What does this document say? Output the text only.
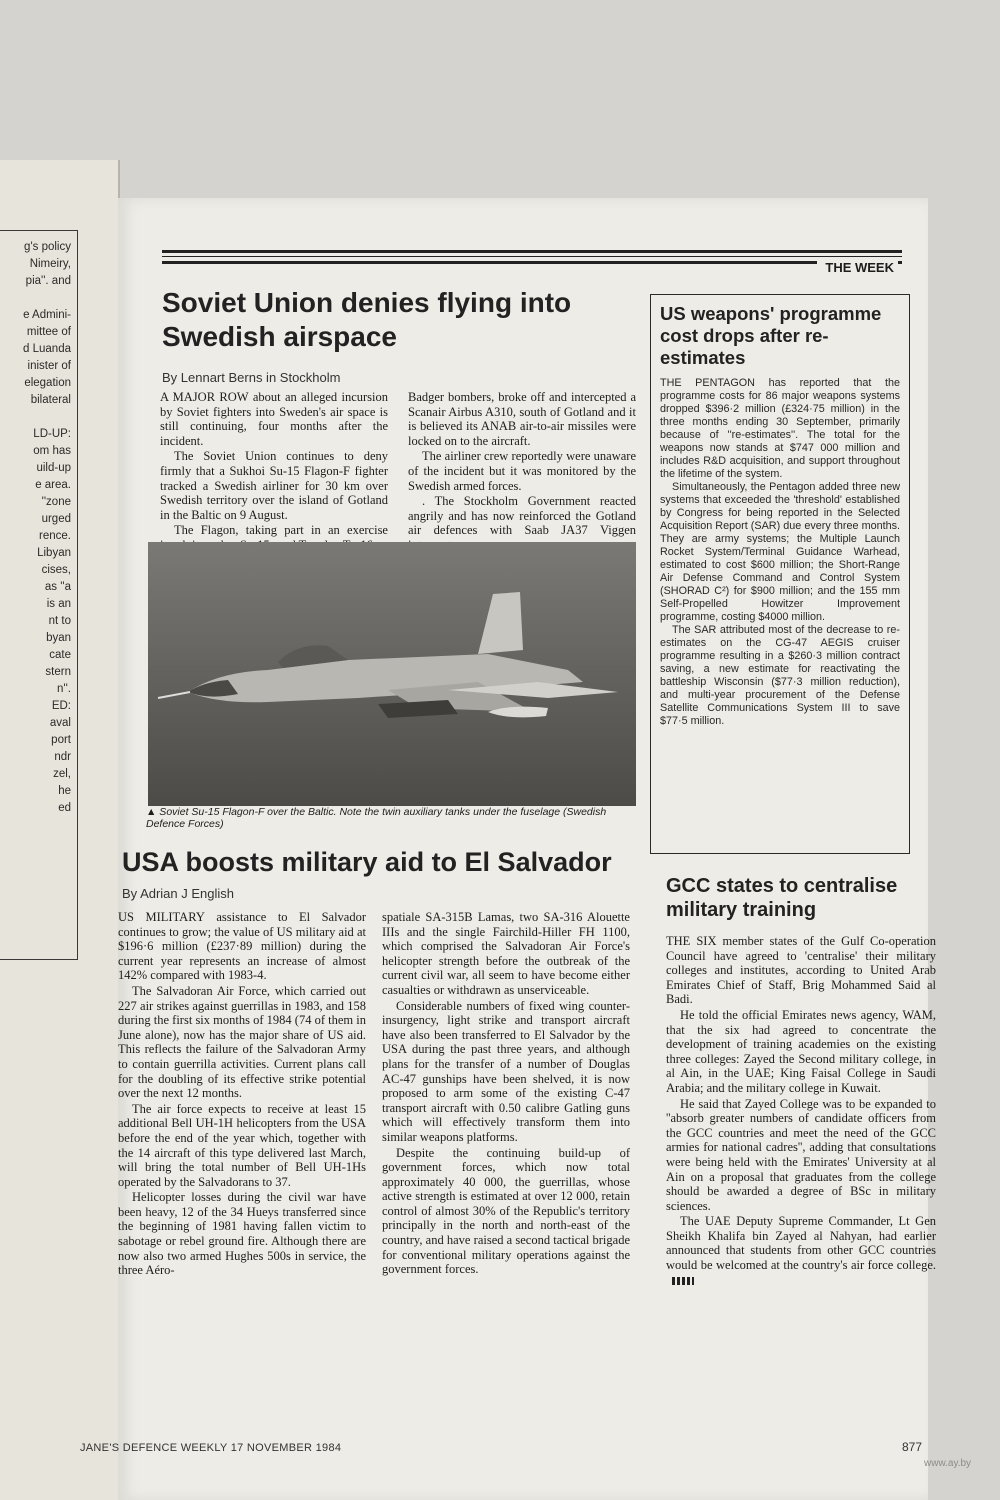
g's policy
Nimeiry,
pia''. and

e Admini-
mittee of
d Luanda
inister of
elegation
bilateral

LD-UP:
om has
uild-up
e area.
''zone
urged
rence.
Libyan
cises,
as ''a
is an
nt to
byan
cate
stern
n''.
ED:
aval
port
ndr
zel,
he
ed
THE WEEK
Soviet Union denies flying into Swedish airspace
By Lennart Berns in Stockholm

A MAJOR ROW about an alleged incursion by Soviet fighters into Sweden's air space is still continuing, four months after the incident.

The Soviet Union continues to deny firmly that a Sukhoi Su-15 Flagon-F fighter tracked a Swedish airliner for 30 km over Swedish territory over the island of Gotland in the Baltic on 9 August.

The Flagon, taking part in an exercise

Badger bombers, broke off and intercepted a Scanair Airbus A310, south of Gotland and it is believed its ANAB air-to-air missiles were locked on to the aircraft.

The airliner crew reportedly were unaware of the incident but it was monitored by the Swedish armed forces.

. The Stockholm Government reacted angrily and has now reinforced the Gotland air defences with Saab JA37 Viggen

▲ Soviet Su-15 Flagon-F over the Baltic. Note the twin auxiliary tanks under the fuselage (Swedish Defence Forces)
US weapons' programme cost drops after re-estimates

THE PENTAGON has reported that the programme costs for 86 major weapons systems dropped $396·2 million (£324·75 million) in the three months ending 30 September, primarily because of ''re-estimates''. The total for the weapons now stands at $747 000 million and includes R&D acquisition, and support throughout the lifetime of the system.

Simultaneously, the Pentagon added three new systems that exceeded the 'threshold' established by Congress for being reported in the Selected Acquisition Report (SAR) due every three months. They are army systems; the Multiple Launch Rocket System/Terminal Guidance Warhead, estimated to cost $600 million; the Short-Range Air Defense Command and Control System (SHORAD C²) for $900 million; and the 155 mm Self-Propelled Howitzer Improvement programme, costing $4000 million.

The SAR attributed most of the decrease to re-estimates on the CG-47 AEGIS cruiser programme resulting in a $260·3 million contract saving, a new estimate for reactivating the battleship Wisconsin ($77·3 million reduction), and multi-year procurement of the Defense Satellite Communications System III to save $77·5 million.

USA boosts military aid to El Salvador
By Adrian J English

US MILITARY assistance to El Salvador continues to grow; the value of US military aid at $196·6 million (£237·89 million) during the current year represents an increase of almost 142% compared with 1983-4.

The Salvadoran Air Force, which carried out 227 air strikes against guerrillas in 1983, and 158 during the first six months of 1984 (74 of them in June alone), now has the major share of US aid. This reflects the failure of the Salvadoran Army to contain guerrilla activities. Current plans call for the doubling of its effective strike potential over the next 12 months.

The air force expects to receive at least 15 additional Bell UH-1H helicopters from the USA before the end of the year which, together with the 14 aircraft of this type delivered last March, will bring the total number of Bell UH-1Hs operated by the Salvadorans to 37.

Helicopter losses during the civil war have been heavy, 12 of the 34 Hueys transferred since the beginning of 1981 having fallen victim to sabotage or rebel ground fire. Although there are now also two armed Hughes 500s in service, the three Aéro-

spatiale SA-315B Lamas, two SA-316 Alouette IIIs and the single Fairchild-Hiller FH 1100, which comprised the Salvadoran Air Force's helicopter strength before the outbreak of the current civil war, all seem to have become either casualties or withdrawn as unserviceable.

Considerable numbers of fixed wing counter-insurgency, light strike and transport aircraft have also been transferred to El Salvador by the USA during the past three years, and although plans for the transfer of a number of Douglas AC-47 gunships have been shelved, it is now proposed to arm some of the existing C-47 transport aircraft with 0.50 calibre Gatling guns which will effectively transform them into similar weapons platforms.

Despite the continuing build-up of government forces, which now total approximately 40 000, the guerrillas, whose active strength is estimated at over 12 000, retain control of almost 30% of the Republic's territory principally in the north and north-east of the country, and have raised a second tactical brigade for conventional military operations against the government forces.

GCC states to centralise military training

THE SIX member states of the Gulf Co-operation Council have agreed to 'centralise' their military colleges and institutes, according to United Arab Emirates Chief of Staff, Brig Mohammed Said al Badi.

He told the official Emirates news agency, WAM, that the six had agreed to concentrate the development of training academies on the existing three colleges: Zayed the Second military college, in al Ain, in the UAE; King Faisal College in Saudi Arabia; and the military college in Kuwait.

He said that Zayed College was to be expanded to ''absorb greater numbers of candidate officers from the GCC countries and meet the need of the GCC armies for national cadres'', adding that consultations were being held with the Emirates' University at al Ain on a proposal that graduates from the college should be awarded a degree of BSc in military sciences.

The UAE Deputy Supreme Commander, Lt Gen Sheikh Khalifa bin Zayed al Nahyan, had earlier announced that students from other GCC countries would be welcomed at the country's air force college.

JANE'S DEFENCE WEEKLY 17 NOVEMBER 1984	877
www.ay.by
